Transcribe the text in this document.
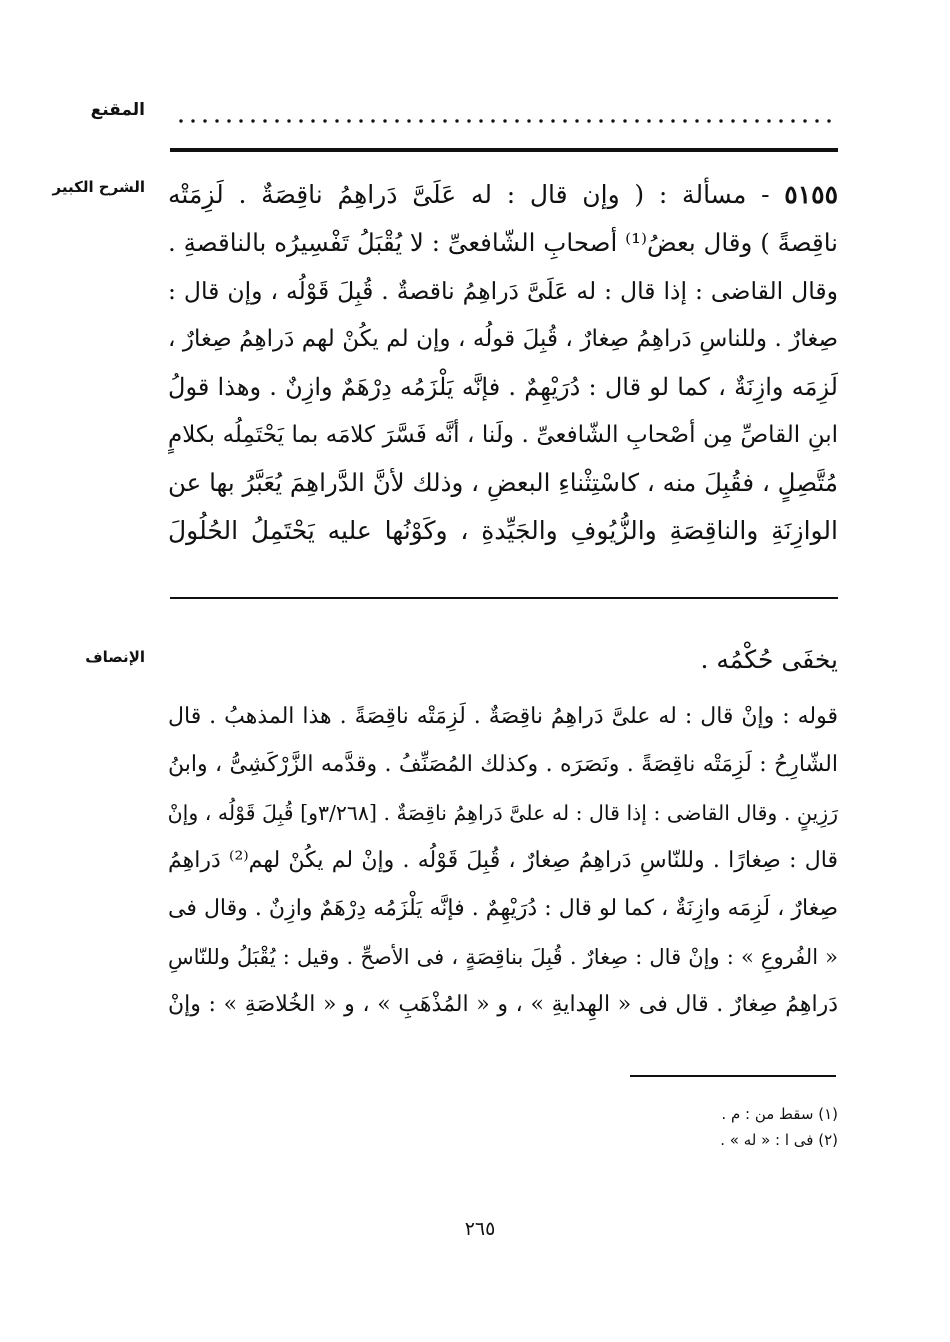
المقنع
الشرح الكبير
الإنصاف
٥١٥٥ - مسألة : ( وإن قال : له عَلَىَّ دَراهِمُ ناقِصَةٌ . لَزِمَتْه
ناقِصةً ) وقال بعضُ⁽¹⁾ أصحابِ الشّافعىِّ : لا يُقْبَلُ تَفْسِيرُه بالناقصةِ .
وقال القاضى : إذا قال : له عَلَىَّ دَراهِمُ ناقصةٌ . قُبِلَ قَوْلُه ، وإن قال :
صِغارٌ . وللناسِ دَراهِمُ صِغارٌ ، قُبِلَ قولُه ، وإن لم يكُنْ لهم دَراهِمُ صِغارٌ ،
لَزِمَه وازِنَةٌ ، كما لو قال : دُرَيْهِمٌ . فإنَّه يَلْزَمُه دِرْهَمٌ وازِنٌ . وهذا قولُ
ابنِ القاصِّ مِن أصْحابِ الشّافعىِّ . ولَنا ، أنَّه فَسَّرَ كلامَه بما يَحْتَمِلُه بكلامٍ
مُتَّصِلٍ ، فقُبِلَ منه ، كاسْتِثْناءِ البعضِ ، وذلك لأنَّ الدَّراهِمَ يُعَبَّرُ بها عن
الوازِنَةِ والناقِصَةِ والزُّيُوفِ والجَيِّدةِ ، وكَوْنُها عليه يَحْتَمِلُ الحُلُولَ
يخفَى حُكْمُه .
قوله : وإنْ قال : له علىَّ دَراهِمُ ناقِصَةٌ . لَزِمَتْه ناقِصَةً . هذا المذهبُ . قال
الشّارِحُ : لَزِمَتْه ناقِصَةً . ونَصَرَه . وكذلك المُصَنِّفُ . وقدَّمه الزَّرْكَشِىُّ ، وابنُ
رَزِينٍ . وقال القاضى : إذا قال : له علىَّ دَراهِمُ ناقِصَةٌ . [٣/٢٦٨و] قُبِلَ قَوْلُه ، وإنْ
قال : صِغارًا . وللنّاسِ دَراهِمُ صِغارٌ ، قُبِلَ قَوْلُه . وإنْ لم يكُنْ لهم⁽²⁾ دَراهِمُ
صِغارٌ ، لَزِمَه وازِنَةٌ ، كما لو قال : دُرَيْهِمٌ . فإنَّه يَلْزَمُه دِرْهَمٌ وازِنٌ . وقال فى
« الفُروعِ » : وإنْ قال : صِغارٌ . قُبِلَ بناقِصَةٍ ، فى الأصحِّ . وقيل : يُقْبَلُ وللنّاسِ
دَراهِمُ صِغارٌ . قال فى « الهِدايةِ » ، و « المُذْهَبِ » ، و « الخُلاصَةِ » : وإنْ
(١) سقط من : م .
(٢) فى ا : « له » .
٢٦٥
